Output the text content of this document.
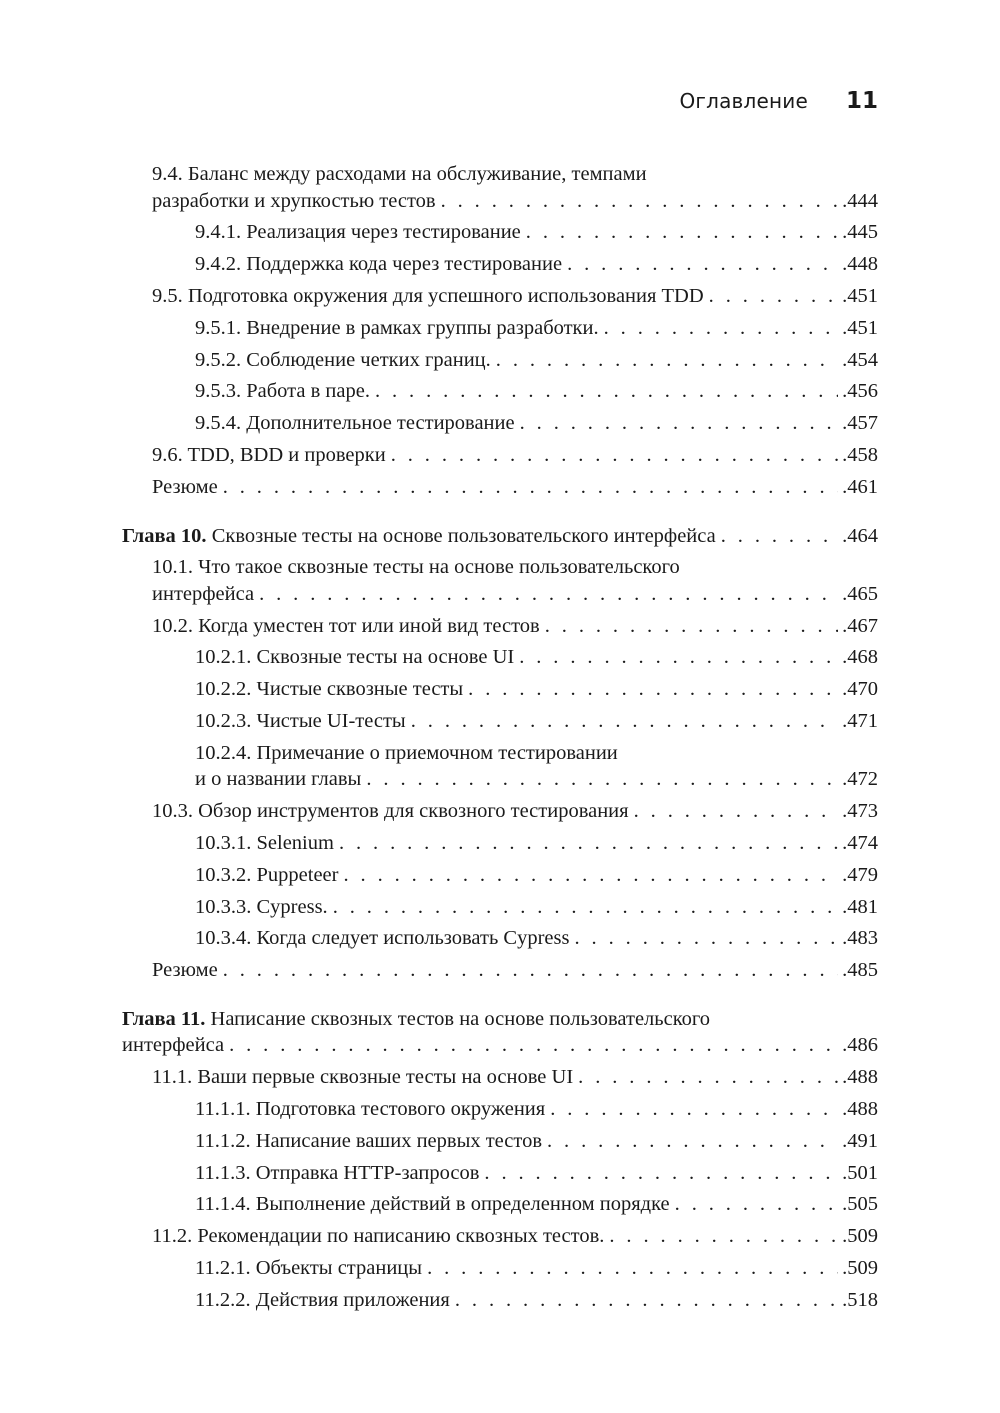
Оглавление 11
9.4. Баланс между расходами на обслуживание, темпами
разработки и хрупкостью тестов . . .	.444
9.4.1. Реализация через тестирование . . .	.445
9.4.2. Поддержка кода через тестирование . . .	.448
9.5. Подготовка окружения для успешного использования TDD . . .	.451
9.5.1. Внедрение в рамках группы разработки. . . .	.451
9.5.2. Соблюдение четких границ. . . .	.454
9.5.3. Работа в паре. . . .	.456
9.5.4. Дополнительное тестирование . . .	.457
9.6. TDD, BDD и проверки . . .	.458
Резюме . . .	.461
Глава 10. Сквозные тесты на основе пользовательского интерфейса . . .	.464
10.1. Что такое сквозные тесты на основе пользовательского
интерфейса . . .	.465
10.2. Когда уместен тот или иной вид тестов . . .	.467
10.2.1. Сквозные тесты на основе UI . . .	.468
10.2.2. Чистые сквозные тесты . . .	.470
10.2.3. Чистые UI-тесты . . .	.471
10.2.4. Примечание о приемочном тестировании
и о названии главы . . .	.472
10.3. Обзор инструментов для сквозного тестирования . . .	.473
10.3.1. Selenium . . .	.474
10.3.2. Puppeteer . . .	.479
10.3.3. Cypress. . . .	.481
10.3.4. Когда следует использовать Cypress . . .	.483
Резюме . . .	.485
Глава 11. Написание сквозных тестов на основе пользовательского
интерфейса . . .	.486
11.1. Ваши первые сквозные тесты на основе UI . . .	.488
11.1.1. Подготовка тестового окружения . . .	.488
11.1.2. Написание ваших первых тестов . . .	.491
11.1.3. Отправка HTTP-запросов . . .	.501
11.1.4. Выполнение действий в определенном порядке . . .	.505
11.2. Рекомендации по написанию сквозных тестов. . . .	.509
11.2.1. Объекты страницы . . .	.509
11.2.2. Действия приложения . . .	.518
